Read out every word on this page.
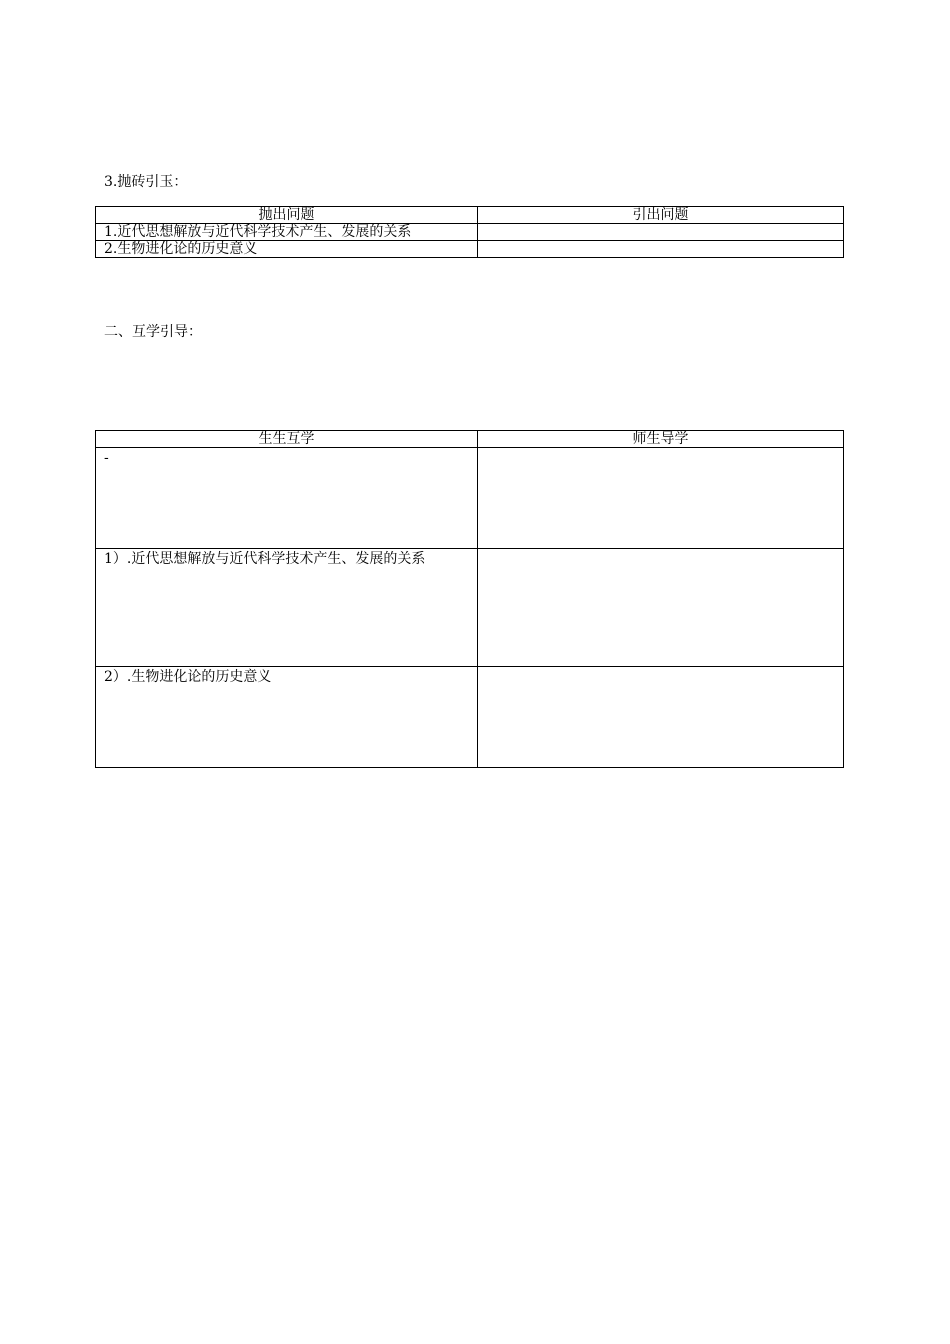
3.抛砖引玉：
抛出问题	引出问题
1.近代思想解放与近代科学技术产生、发展的关系	
2.生物进化论的历史意义	
二、互学引导：
生生互学	师生导学
-	
1）.近代思想解放与近代科学技术产生、发展的关系	
2）.生物进化论的历史意义	
